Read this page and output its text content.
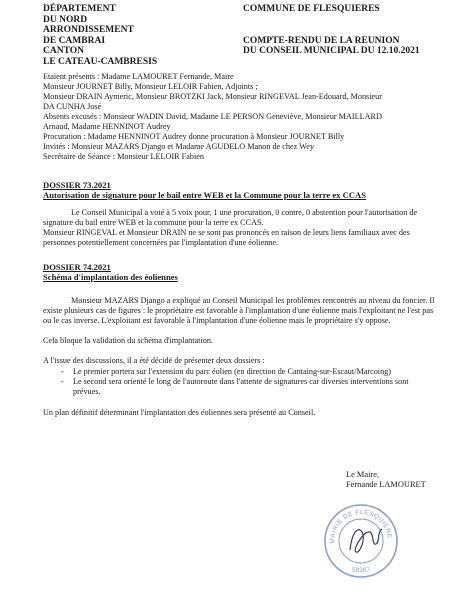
DÉPARTEMENT
DU NORD
ARRONDISSEMENT
DE CAMBRAI
CANTON
LE CATEAU-CAMBRESIS
COMMUNE DE FLESQUIERES
COMPTE-RENDU DE LA REUNION
DU CONSEIL MUNICIPAL DU 12.10.2021
Etaient présents : Madame LAMOURET Fernande, Maire
Monsieur JOURNET Billy, Monsieur LELOIR Fabien, Adjoints ;
Monsieur DRAIN Aymeric, Monsieur BROTZKI Jack, Monsieur RINGEVAL Jean-Edouard, Monsieur
DA CUNHA José
Absents excusés : Monsieur WADIN David, Madame LE PERSON Geneviève, Monsieur MAILLARD
Arnaud, Madame HENNINOT Audrey
Procuration : Madame HENNINOT Audrey donne procuration à Monsieur JOURNET Billy
Invités : Monsieur MAZARS Django et Madame AGUDELO Manon de chez Wey
Secrétaire de Séance : Monsieur LELOIR Fabien
DOSSIER 73.2021
Autorisation de signature pour le bail entre WEB et la Commune pour la terre ex CCAS
Le Conseil Municipal a voté à 5 voix pour, 1 une procuration, 0 contre, 0 abstention pour l'autorisation de signature du bail entre WEB et la commune pour la terre ex CCAS.
Monsieur RINGEVAL et Monsieur DRAIN ne se sont pas prononcés en raison de leurs liens familiaux avec des personnes potentiellement concernées par l'implantation d'une éolienne.
DOSSIER 74.2021
Schéma d'implantation des éoliennes
Monsieur MAZARS Django a expliqué au Conseil Municipal les problèmes rencontrés au niveau du foncier. Il existe plusieurs cas de figures : le propriétaire est favorable à l'implantation d'une éolienne mais l'exploitant ne l'est pas ou le cas inverse. L'exploitant est favorable à l'implantation d'une éolienne mais le propriétaire s'y oppose.
Cela bloque la validation du schéma d'implantation.
A l'issue des discussions, il a été décidé de présenter deux dossiers :
- Le premier portera sur l'extension du parc éolien (en direction de Cantaing-sur-Escaut/Marcoing)
- Le second sera orienté le long de l'autoroute dans l'attente de signatures car diverses interventions sont prévues.
Un plan définitif déterminant l'implantation des éoliennes sera présenté au Conseil.
Le Maire,
Fernande LAMOURET
MAIRIE DE FLESQUIERE
59267
